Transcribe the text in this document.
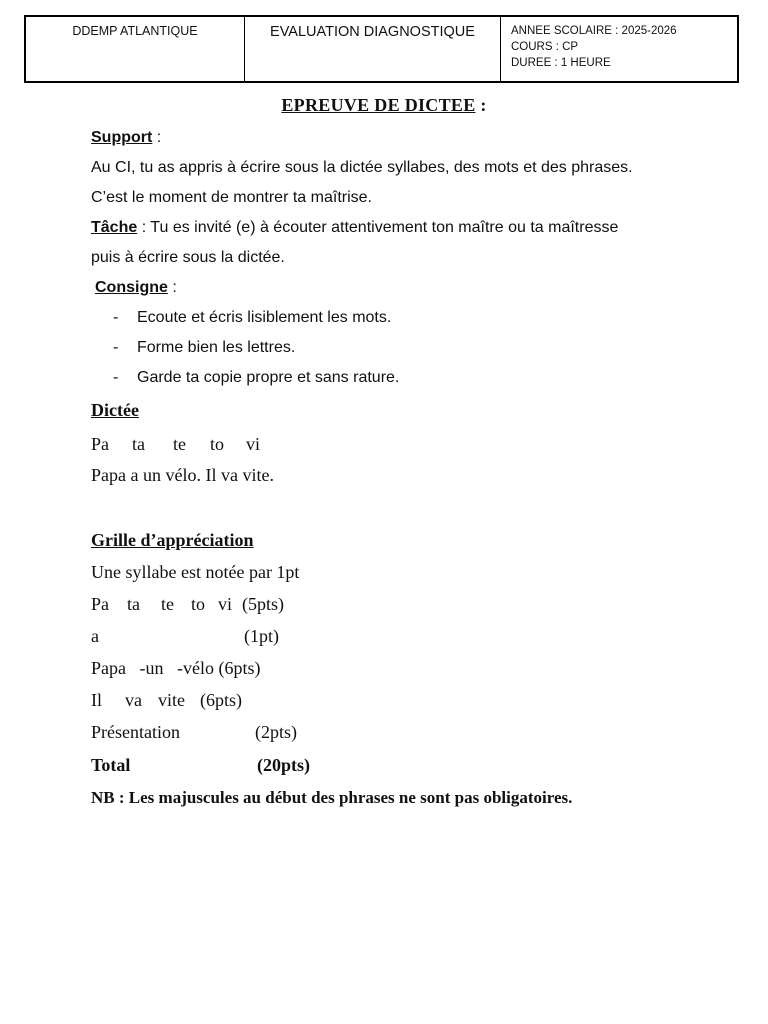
DDEMP ATLANTIQUE	EVALUATION DIAGNOSTIQUE	ANNEE SCOLAIRE : 2025-2026
COURS : CP
DUREE : 1 HEURE
EPREUVE DE DICTEE :
Support :
Au CI, tu as appris à écrire sous la dictée syllabes, des mots et des phrases.
C’est le moment de montrer ta maîtrise.
Tâche : Tu es invité (e) à écouter attentivement ton maître ou ta maîtresse
puis à écrire sous la dictée.
Consigne :
- Ecoute et écris lisiblement les mots.
- Forme bien les lettres.
- Garde ta copie propre et sans rature.
Dictée
Pa ta te to vi
Papa a un vélo. Il va vite.
Grille d’appréciation
Une syllabe est notée par 1pt
Pa ta te to vi (5pts)
a	(1pt)
Papa   -un   -vélo (6pts)
Il va vite (6pts)
Présentation	(2pts)
Total	(20pts)
NB : Les majuscules au début des phrases ne sont pas obligatoires.
